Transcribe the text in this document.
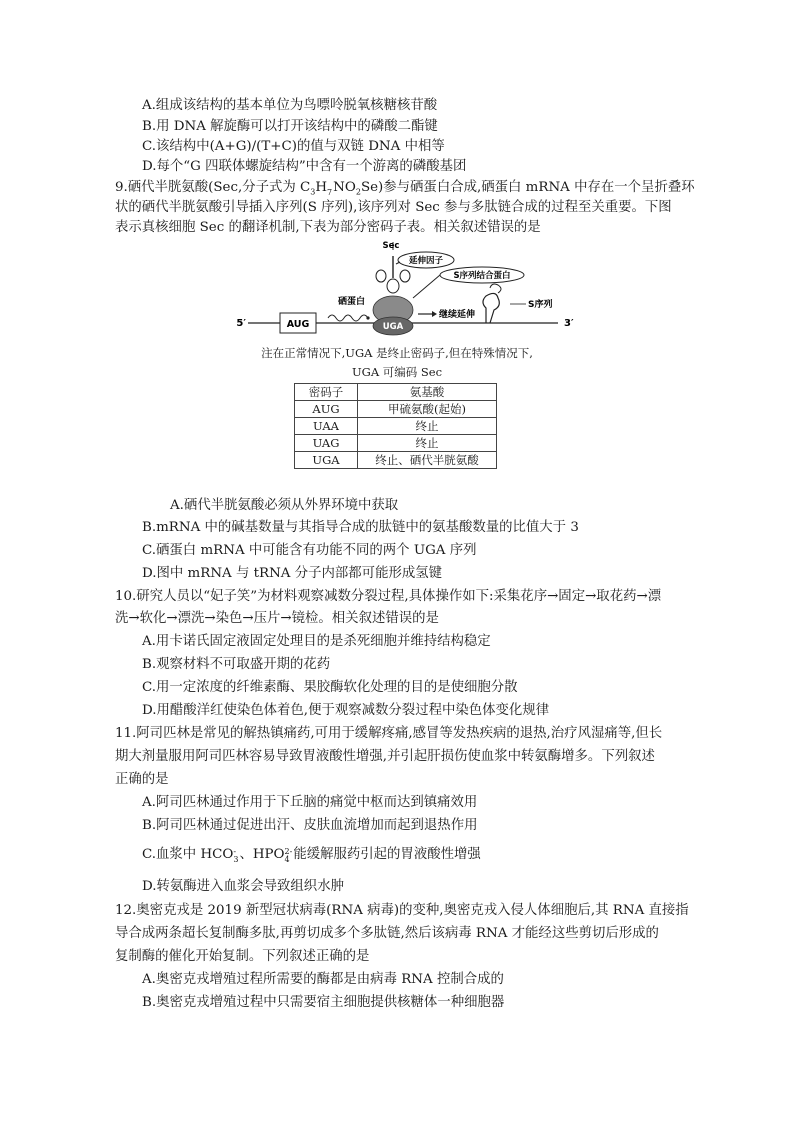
A.组成该结构的基本单位为鸟嘌呤脱氧核糖核苷酸
B.用 DNA 解旋酶可以打开该结构中的磷酸二酯键
C.该结构中(A+G)/(T+C)的值与双链 DNA 中相等
D.每个“G 四联体螺旋结构”中含有一个游离的磷酸基团
9.硒代半胱氨酸(Sec,分子式为 $C_3H$ 7 $NO_2Se$)参与硒蛋白合成,硒蛋白 mRNA 中存在一个呈折叠环
状的硒代半胱氨酸引导插入序列(S 序列),该序列对 Sec 参与多肽链合成的过程至关重要。下图
表示真核细胞 Sec 的翻译机制,下表为部分密码子表。相关叙述错误的是
5′	3′
AUG
硒蛋白
UGA
Sec
延伸因子
S序列结合蛋白
继续延伸
S序列
注在正常情况下,UGA 是终止密码子,但在特殊情况下,
UGA 可编码 Sec
密码子	氨基酸
AUG	甲硫氨酸(起始)
UAA	终止
UAG	终止
UGA	终止、硒代半胱氨酸
A.硒代半胱氨酸必须从外界环境中获取
B.mRNA 中的碱基数量与其指导合成的肽链中的氨基酸数量的比值大于 3
C.硒蛋白 mRNA 中可能含有功能不同的两个 UGA 序列
D.图中 mRNA 与 tRNA 分子内部都可能形成氢键
10.研究人员以“妃子笑”为材料观察减数分裂过程,具体操作如下:采集花序→固定→取花药→漂
洗→软化→漂洗→染色→压片→镜检。相关叙述错误的是
A.用卡诺氏固定液固定处理目的是杀死细胞并维持结构稳定
B.观察材料不可取盛开期的花药
C.用一定浓度的纤维素酶、果胶酶软化处理的目的是使细胞分散
D.用醋酸洋红使染色体着色,便于观察减数分裂过程中染色体变化规律
11.阿司匹林是常见的解热镇痛药,可用于缓解疼痛,感冒等发热疾病的退热,治疗风湿痛等,但长
期大剂量服用阿司匹林容易导致胃液酸性增强,并引起肝损伤使血浆中转氨酶增多。下列叙述
正确的是
A.阿司匹林通过作用于下丘脑的痛觉中枢而达到镇痛效用
B.阿司匹林通过促进出汗、皮肤血流增加而起到退热作用
C.血浆中 HCO -
3 、HPO 2-
4 能缓解服药引起的胃液酸性增强
D.转氨酶进入血浆会导致组织水肿
12.奥密克戎是 2019 新型冠状病毒(RNA 病毒)的变种,奥密克戎入侵人体细胞后,其 RNA 直接指
导合成两条超长复制酶多肽,再剪切成多个多肽链,然后该病毒 RNA 才能经这些剪切后形成的
复制酶的催化开始复制。下列叙述正确的是
A.奥密克戎增殖过程所需要的酶都是由病毒 RNA 控制合成的
B.奥密克戎增殖过程中只需要宿主细胞提供核糖体一种细胞器
